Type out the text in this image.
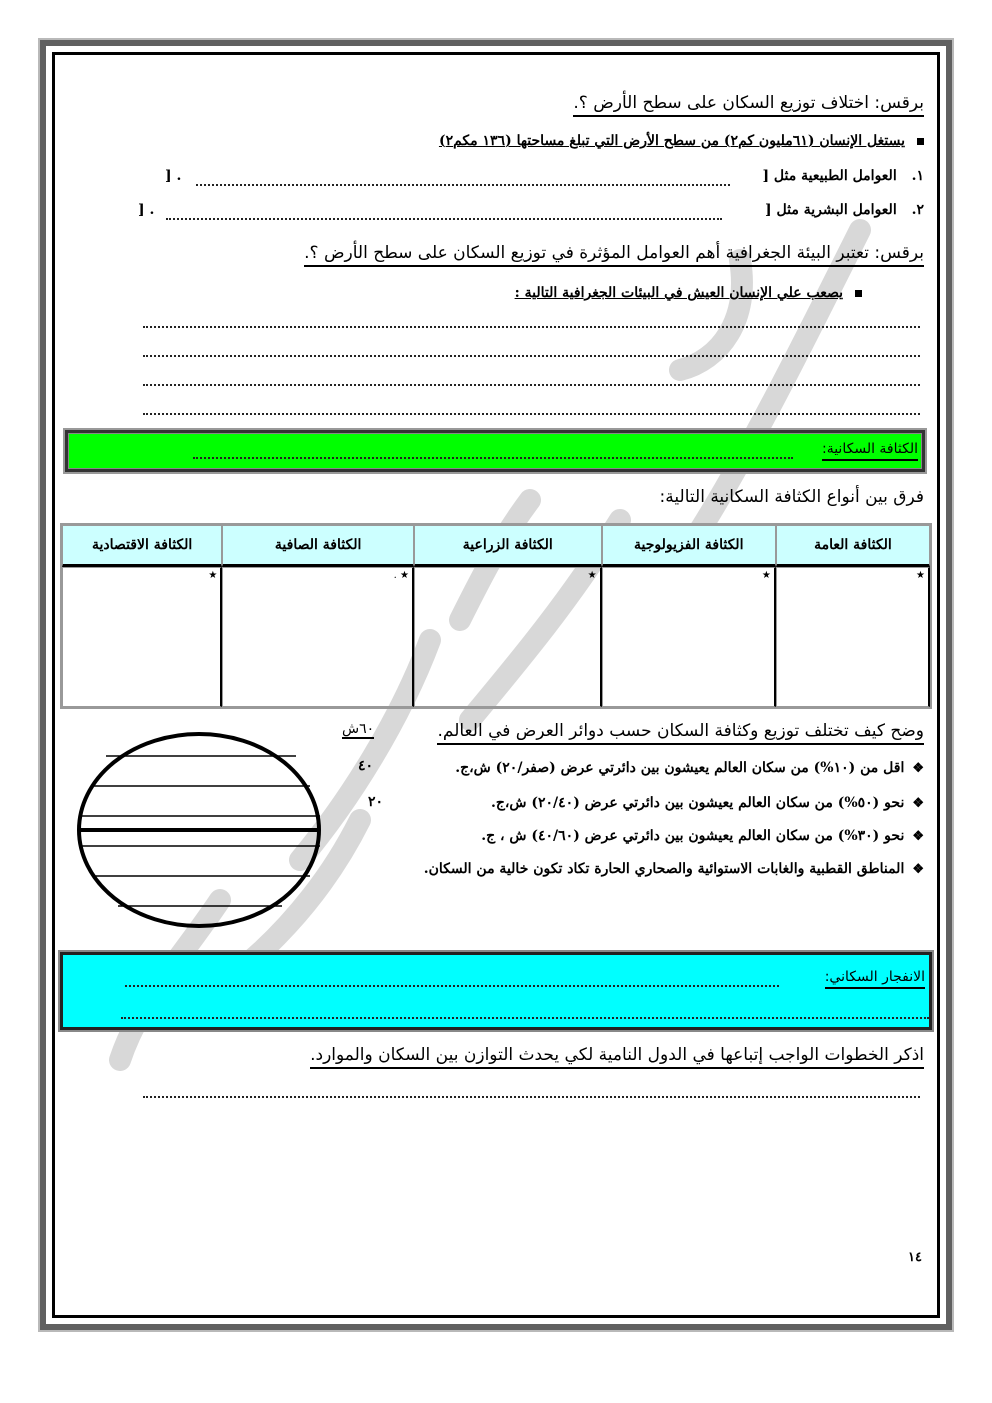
برقس: اختلاف توزيع السكان على سطح الأرض ؟.
يستغل الإنسان (٦١مليون كم٢) من سطح الأرض التي تبلغ مساحتها (١٣٦ مكم٢)
١. العوامل الطبيعية مثل [
] .
٢. العوامل البشرية مثل [
] .
برقس: تعتبر البيئة الجغرافية أهم العوامل المؤثرة في توزيع السكان على سطح الأرض ؟.
يصعب علي الإنسان العيش في البيئات الجغرافية التالية :
الكثافة السكانية:
فرق بين أنواع الكثافة السكانية التالية:
الكثافة العامة	الكثافة الفزيولوجية	الكثافة الزراعية	الكثافة الصافية	الكثافة الاقتصادية
★	★	★	★ .	★
وضح كيف تختلف توزيع وكثافة السكان حسب دوائر العرض في العالم.
٦٠ش
٤٠
٢٠
❖اقل من (١٠%) من سكان العالم يعيشون بين دائرتي عرض (صفر/٢٠) ش،ج.
❖نحو (٥٠%) من سكان العالم يعيشون بين دائرتي عرض (٢٠/٤٠) ش،ج.
❖نحو (٣٠%) من سكان العالم يعيشون بين دائرتي عرض (٤٠/٦٠) ش ، ج.
❖المناطق القطبية والغابات الاستوائية والصحاري الحارة تكاد تكون خالية من السكان.
الانفجار السكاني:
اذكر الخطوات الواجب إتباعها في الدول النامية لكي يحدث التوازن بين السكان والموارد.
١٤
